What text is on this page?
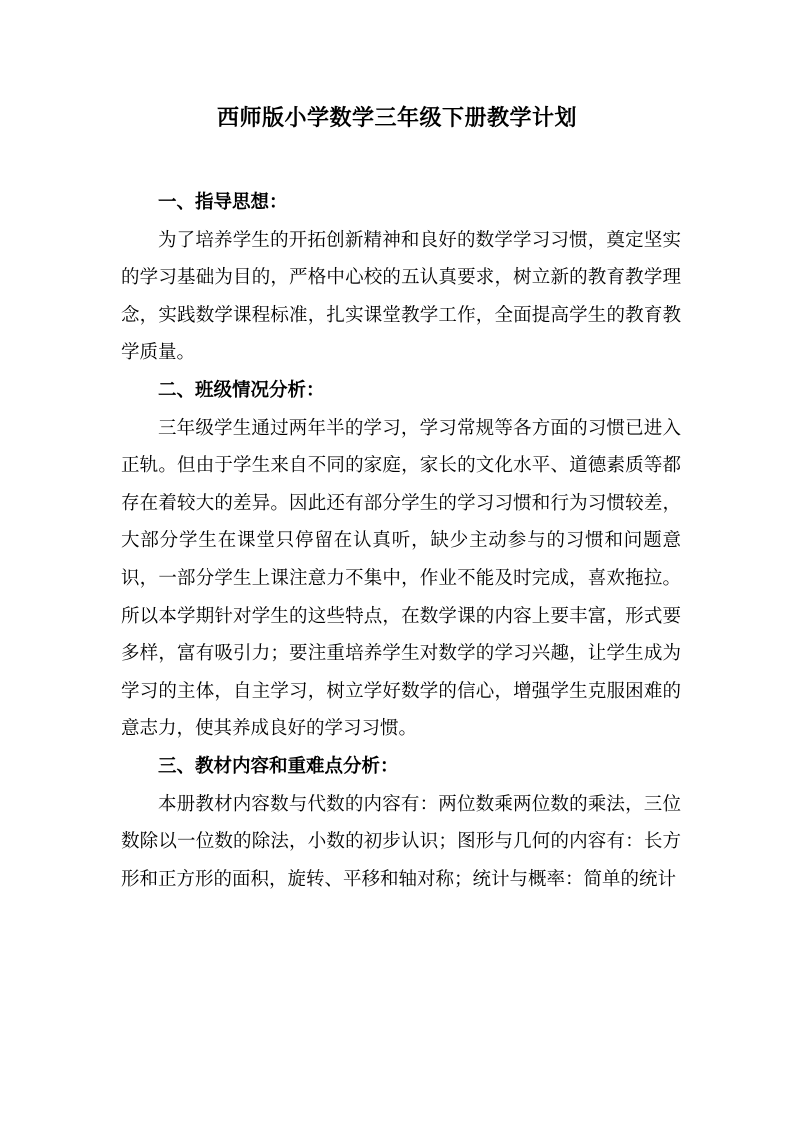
西师版小学数学三年级下册教学计划

一、指导思想：

为了培养学生的开拓创新精神和良好的数学学习习惯，奠定坚实的学习基础为目的，严格中心校的五认真要求，树立新的教育教学理念，实践数学课程标准，扎实课堂教学工作，全面提高学生的教育教学质量。

二、班级情况分析：

三年级学生通过两年半的学习，学习常规等各方面的习惯已进入正轨。但由于学生来自不同的家庭，家长的文化水平、道德素质等都存在着较大的差异。因此还有部分学生的学习习惯和行为习惯较差，大部分学生在课堂只停留在认真听，缺少主动参与的习惯和问题意识，一部分学生上课注意力不集中，作业不能及时完成，喜欢拖拉。所以本学期针对学生的这些特点，在数学课的内容上要丰富，形式要多样，富有吸引力；要注重培养学生对数学的学习兴趣，让学生成为学习的主体，自主学习，树立学好数学的信心，增强学生克服困难的意志力，使其养成良好的学习习惯。

三、教材内容和重难点分析：

本册教材内容数与代数的内容有：两位数乘两位数的乘法，三位数除以一位数的除法，小数的初步认识；图形与几何的内容有：长方形和正方形的面积，旋转、平移和轴对称；统计与概率：简单的统计
